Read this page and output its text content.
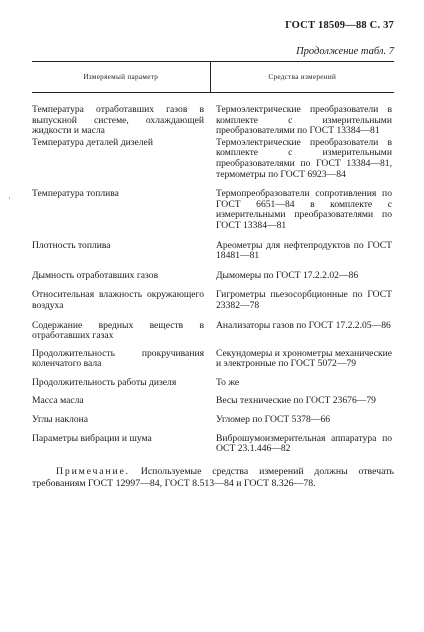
ГОСТ 18509—88 С. 37
Продолжение табл. 7
·
Измеряемый параметр	Средства измерений
Температура отработавших газов в выпускной системе, охлаждающей жидкости и масла	Термоэлектрические преобразователи в комплекте с измерительными преобразователями по ГОСТ 13384—81
Температура деталей дизелей	Термоэлектрические преобразователи в комплекте с измерительными преобразователями по ГОСТ 13384—81, термометры по ГОСТ 6923—84
Температура топлива	Термопреобразователи сопротивления по ГОСТ 6651—84 в комплекте с измерительными преобразователями по ГОСТ 13384—81
Плотность топлива	Ареометры для нефтепродуктов по ГОСТ 18481—81
Дымность отработавших газов	Дымомеры по ГОСТ 17.2.2.02—86
Относительная влажность окружающего воздуха	Гигрометры пьезосорбционные по ГОСТ 23382—78
Содержание вредных веществ в отработавших газах	Анализаторы газов по ГОСТ 17.2.2.05—86
Продолжительность прокручивания коленчатого вала	Секундомеры и хронометры механические и электронные по ГОСТ 5072—79
Продолжительность работы дизеля	То же
Масса масла	Весы технические по ГОСТ 23676—79
Углы наклона	Угломер по ГОСТ 5378—66
Параметры вибрации и шума	Виброшумоизмерительная аппаратура по ОСТ 23.1.446—82
Примечание. Используемые средства измерений должны отвечать требованиям ГОСТ 12997—84, ГОСТ 8.513—84 и ГОСТ 8.326—78.
